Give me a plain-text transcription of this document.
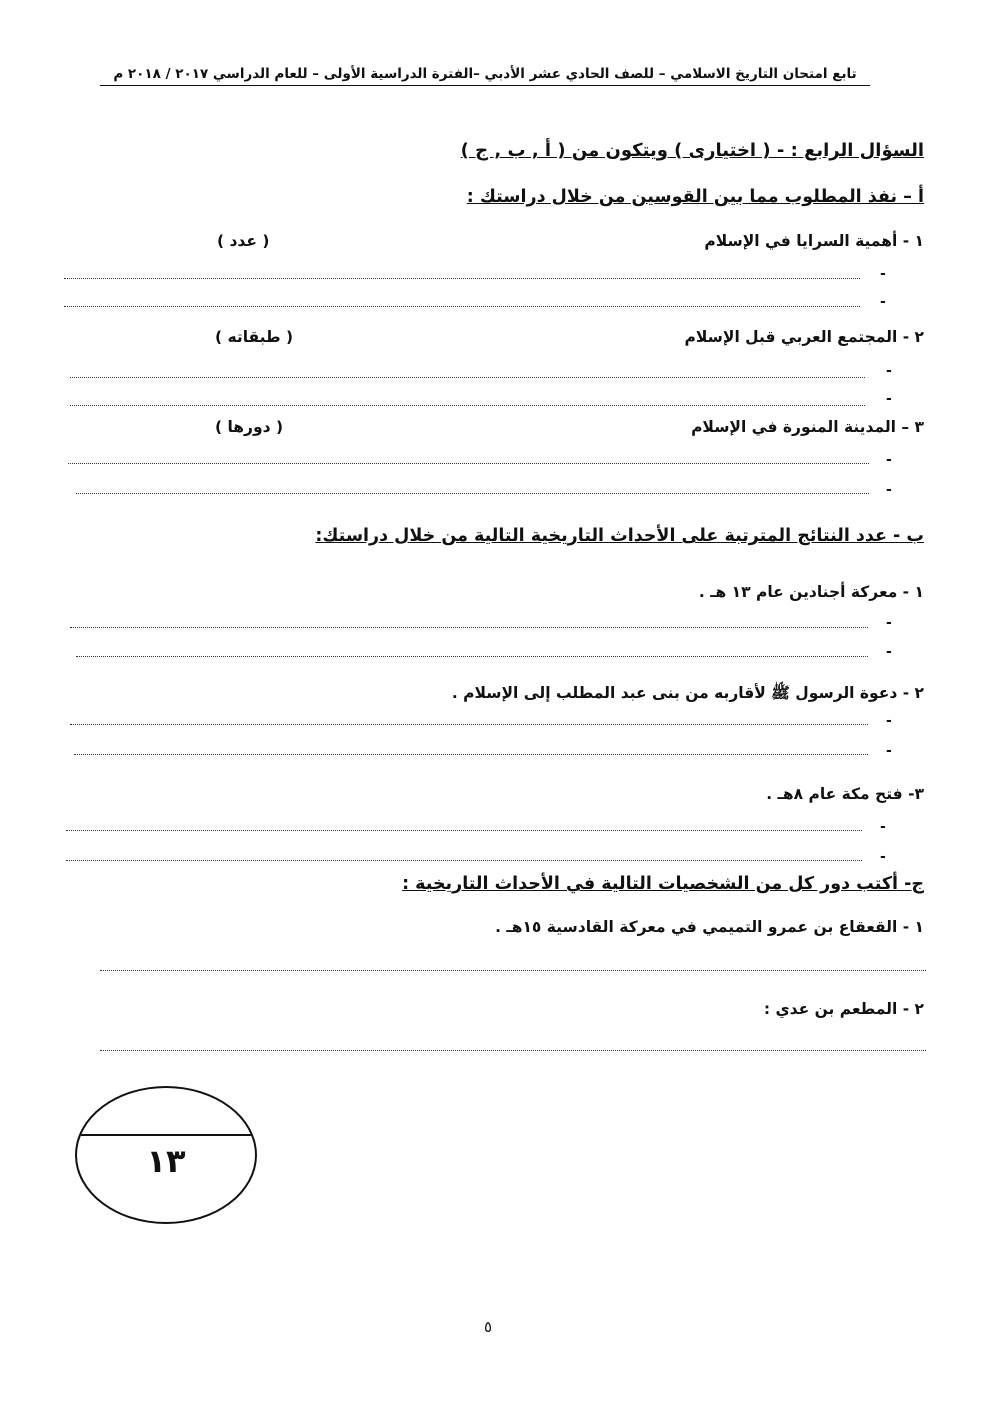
تابع امتحان التاريخ الاسلامي – للصف الحادي عشر الأدبي –الفترة الدراسية الأولى – للعام الدراسي ٢٠١٧ / ٢٠١٨ م
السؤال الرابع : - ( اختيارى ) ويتكون من ( أ , ب , ج )
أ – نفذ المطلوب مما بين القوسين من خلال دراستك :
١ - أهمية السرايا في الإسلام
( عدد )
-
-
٢ - المجتمع العربي قبل الإسلام
( طبقاته )
-
-
٣ – المدينة المنورة في الإسلام
( دورها )
-
-
ب - عدد النتائج المترتبة على الأحداث التاريخية التالية من خلال دراستك:
١ - معركة أجنادين عام ١٣ هـ .
-
-
٢ - دعوة الرسول ﷺ لأقاربه من بنى عبد المطلب إلى الإسلام .
-
-
٣- فتح مكة عام ٨هـ .
-
-
ج- أكتب دور كل من الشخصيات التالية في الأحداث التاريخية :
١ - القعقاع بن عمرو التميمي في معركة القادسية ١٥هـ .
٢ - المطعم بن عدي :
١٣
٥
